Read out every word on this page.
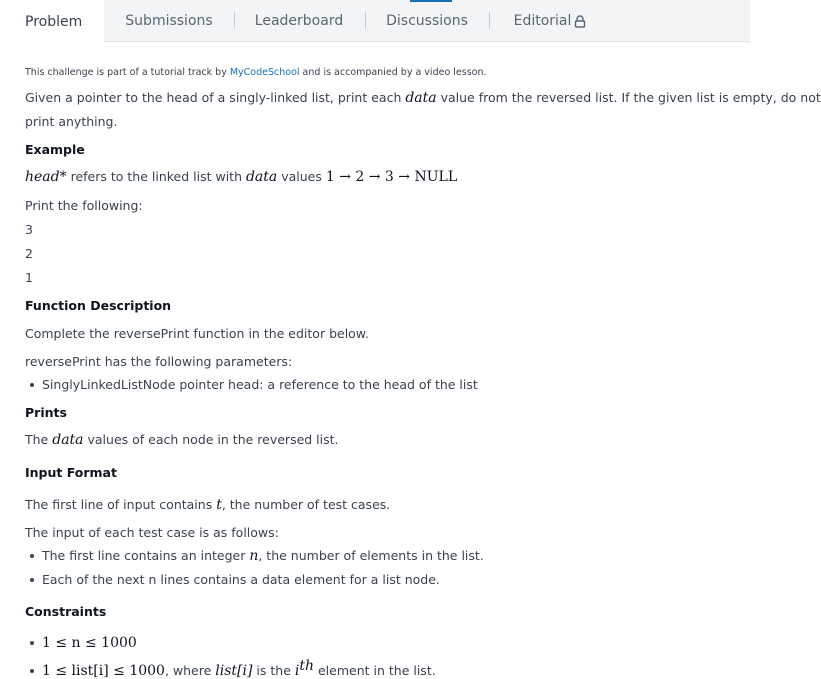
Problem	Submissions	Leaderboard	Discussions	Editorial
This challenge is part of a tutorial track by MyCodeSchool and is accompanied by a video lesson.
Given a pointer to the head of a singly-linked list, print each data value from the reversed list. If the given list is empty, do not
print anything.
Example
head* refers to the linked list with data values 1 → 2 → 3 → NULL
Print the following:
3
2
1
Function Description
Complete the reversePrint function in the editor below.
reversePrint has the following parameters:
SinglyLinkedListNode pointer head: a reference to the head of the list
Prints
The data values of each node in the reversed list.
Input Format
The first line of input contains t, the number of test cases.
The input of each test case is as follows:
The first line contains an integer n, the number of elements in the list.
Each of the next n lines contains a data element for a list node.
Constraints
1 ≤ n ≤ 1000
1 ≤ list[i] ≤ 1000, where list[i] is the $i^{th}$ element in the list.
